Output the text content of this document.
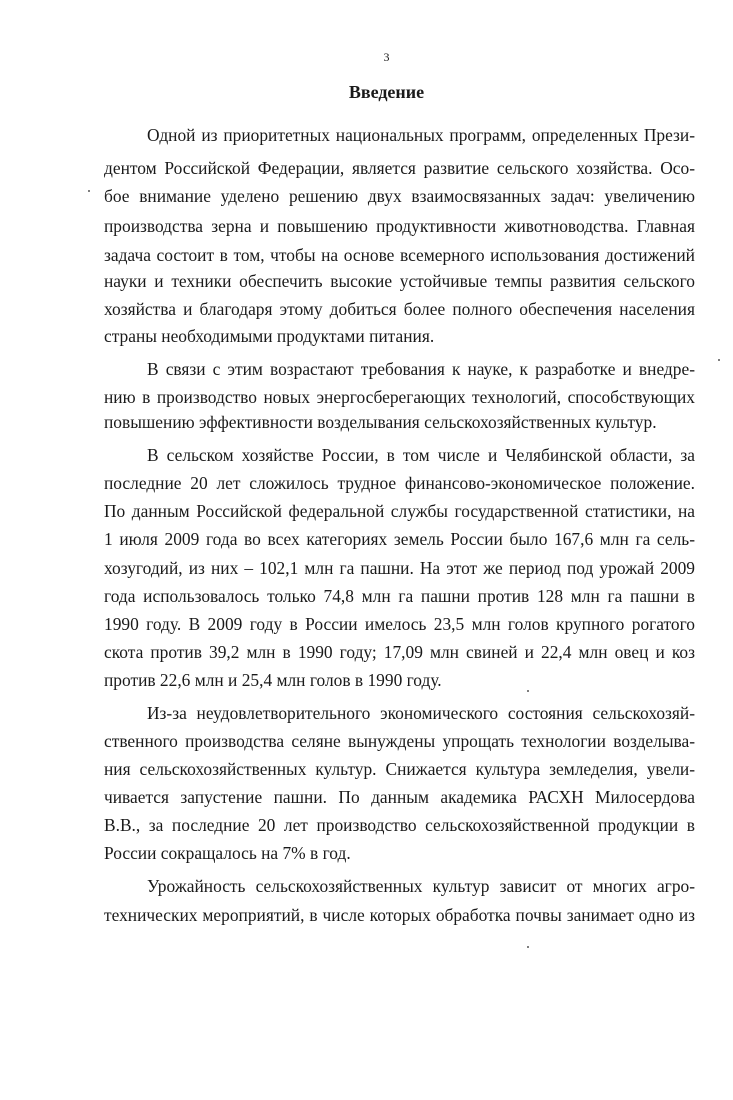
3
Введение
Одной из приоритетных национальных программ, определенных Прези-
дентом Российской Федерации, является развитие сельского хозяйства. Осо-
бое внимание уделено решению двух взаимосвязанных задач: увеличению
производства зерна и повышению продуктивности животноводства. Главная
задача состоит в том, чтобы на основе всемерного использования достижений
науки и техники обеспечить высокие устойчивые темпы развития сельского
хозяйства и благодаря этому добиться более полного обеспечения населения
страны необходимыми продуктами питания.
В связи с этим возрастают требования к науке, к разработке и внедре-
нию в производство новых энергосберегающих технологий, способствующих
повышению эффективности возделывания сельскохозяйственных культур.
В сельском хозяйстве России, в том числе и Челябинской области, за
последние 20 лет сложилось трудное финансово-экономическое положение.
По данным Российской федеральной службы государственной статистики, на
1 июля 2009 года во всех категориях земель России было 167,6 млн га сель-
хозугодий, из них – 102,1 млн га пашни. На этот же период под урожай 2009
года использовалось только 74,8 млн га пашни против 128 млн га пашни в
1990 году. В 2009 году в России имелось 23,5 млн голов крупного рогатого
скота против 39,2 млн в 1990 году; 17,09 млн свиней и 22,4 млн овец и коз
против 22,6 млн и 25,4 млн голов в 1990 году.
Из-за неудовлетворительного экономического состояния сельскохозяй-
ственного производства селяне вынуждены упрощать технологии возделыва-
ния сельскохозяйственных культур. Снижается культура земледелия, увели-
чивается запустение пашни. По данным академика РАСХН Милосердова
В.В., за последние 20 лет производство сельскохозяйственной продукции в
России сокращалось на 7% в год.
Урожайность сельскохозяйственных культур зависит от многих агро-
технических мероприятий, в числе которых обработка почвы занимает одно из
